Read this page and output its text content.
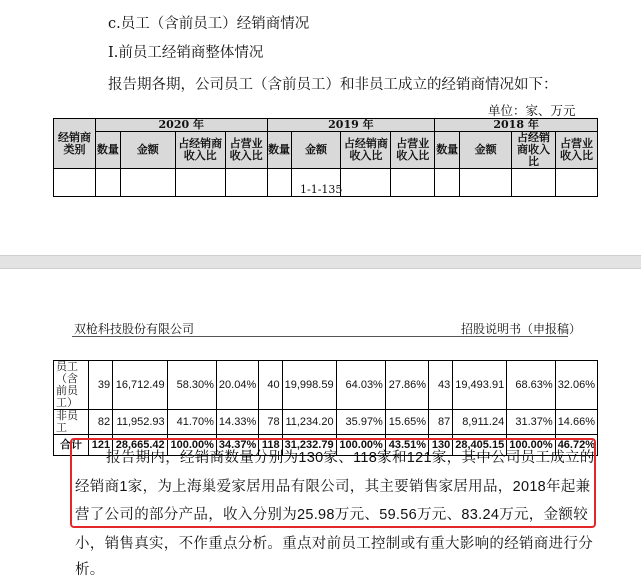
c.员工（含前员工）经销商情况
Ⅰ.前员工经销商整体情况
报告期各期，公司员工（含前员工）和非员工成立的经销商情况如下：
单位：家、万元
经销商类别	2020 年				2019 年				2018 年			
	数量	金额	占经销商收入比	占营业收入比	数量	金额	占经销商收入比	占营业收入比	数量	金额	占经销商收入比	占营业收入比

1-1-135
双枪科技股份有限公司	招股说明书（申报稿）
员工（含前员工）	39	16,712.49	58.30%	20.04%	40	19,998.59	64.03%	27.86%	43	19,493.91	68.63%	32.06%
非员工	82	11,952.93	41.70%	14.33%	78	11,234.20	35.97%	15.65%	87	8,911.24	31.37%	14.66%
合计	121	28,665.42	100.00%	34.37%	118	31,232.79	100.00%	43.51%	130	28,405.15	100.00%	46.72%
报告期内，经销商数量分别为130家、118家和121家，其中公司员工成立的
经销商1家，为上海巢爱家居用品有限公司，其主要销售家居用品，2018年起兼
营了公司的部分产品，收入分别为25.98万元、59.56万元、83.24万元，金额较
小，销售真实，不作重点分析。重点对前员工控制或有重大影响的经销商进行分
析。
